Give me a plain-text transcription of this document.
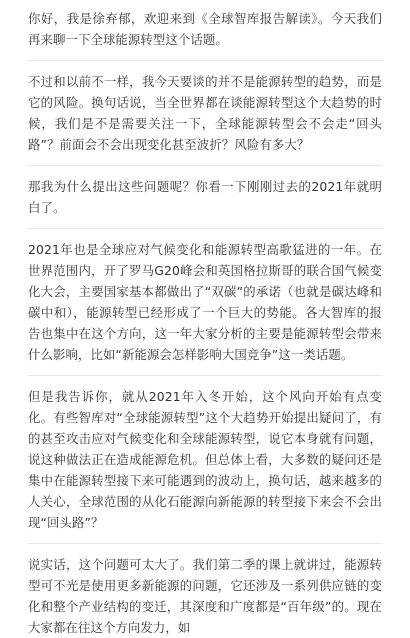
你好，我是徐弃郁，欢迎来到《全球智库报告解读》。今天我们再来聊一下全球能源转型这个话题。

不过和以前不一样，我今天要谈的并不是能源转型的趋势，而是它的风险。换句话说，当全世界都在谈能源转型这个大趋势的时候，我们是不是需要关注一下，全球能源转型会不会走“回头路”？前面会不会出现变化甚至波折？风险有多大？

那我为什么提出这些问题呢？你看一下刚刚过去的2021年就明白了。

2021年也是全球应对气候变化和能源转型高歌猛进的一年。在世界范围内，开了罗马G20峰会和英国格拉斯哥的联合国气候变化大会，主要国家基本都做出了“双碳”的承诺（也就是碳达峰和碳中和），能源转型已经形成了一个巨大的势能。各大智库的报告也集中在这个方向，这一年大家分析的主要是能源转型会带来什么影响，比如“新能源会怎样影响大国竞争”这一类话题。

但是我告诉你，就从2021年入冬开始，这个风向开始有点变化。有些智库对“全球能源转型”这个大趋势开始提出疑问了，有的甚至攻击应对气候变化和全球能源转型，说它本身就有问题，说这种做法正在造成能源危机。但总体上看，大多数的疑问还是集中在能源转型接下来可能遇到的波动上，换句话，越来越多的人关心，全球范围的从化石能源向新能源的转型接下来会不会出现“回头路”？

说实话，这个问题可太大了。我们第二季的课上就讲过，能源转型可不光是使用更多新能源的问题，它还涉及一系列供应链的变化和整个产业结构的变迁，其深度和广度都是“百年级”的。现在大家都在往这个方向发力，如
